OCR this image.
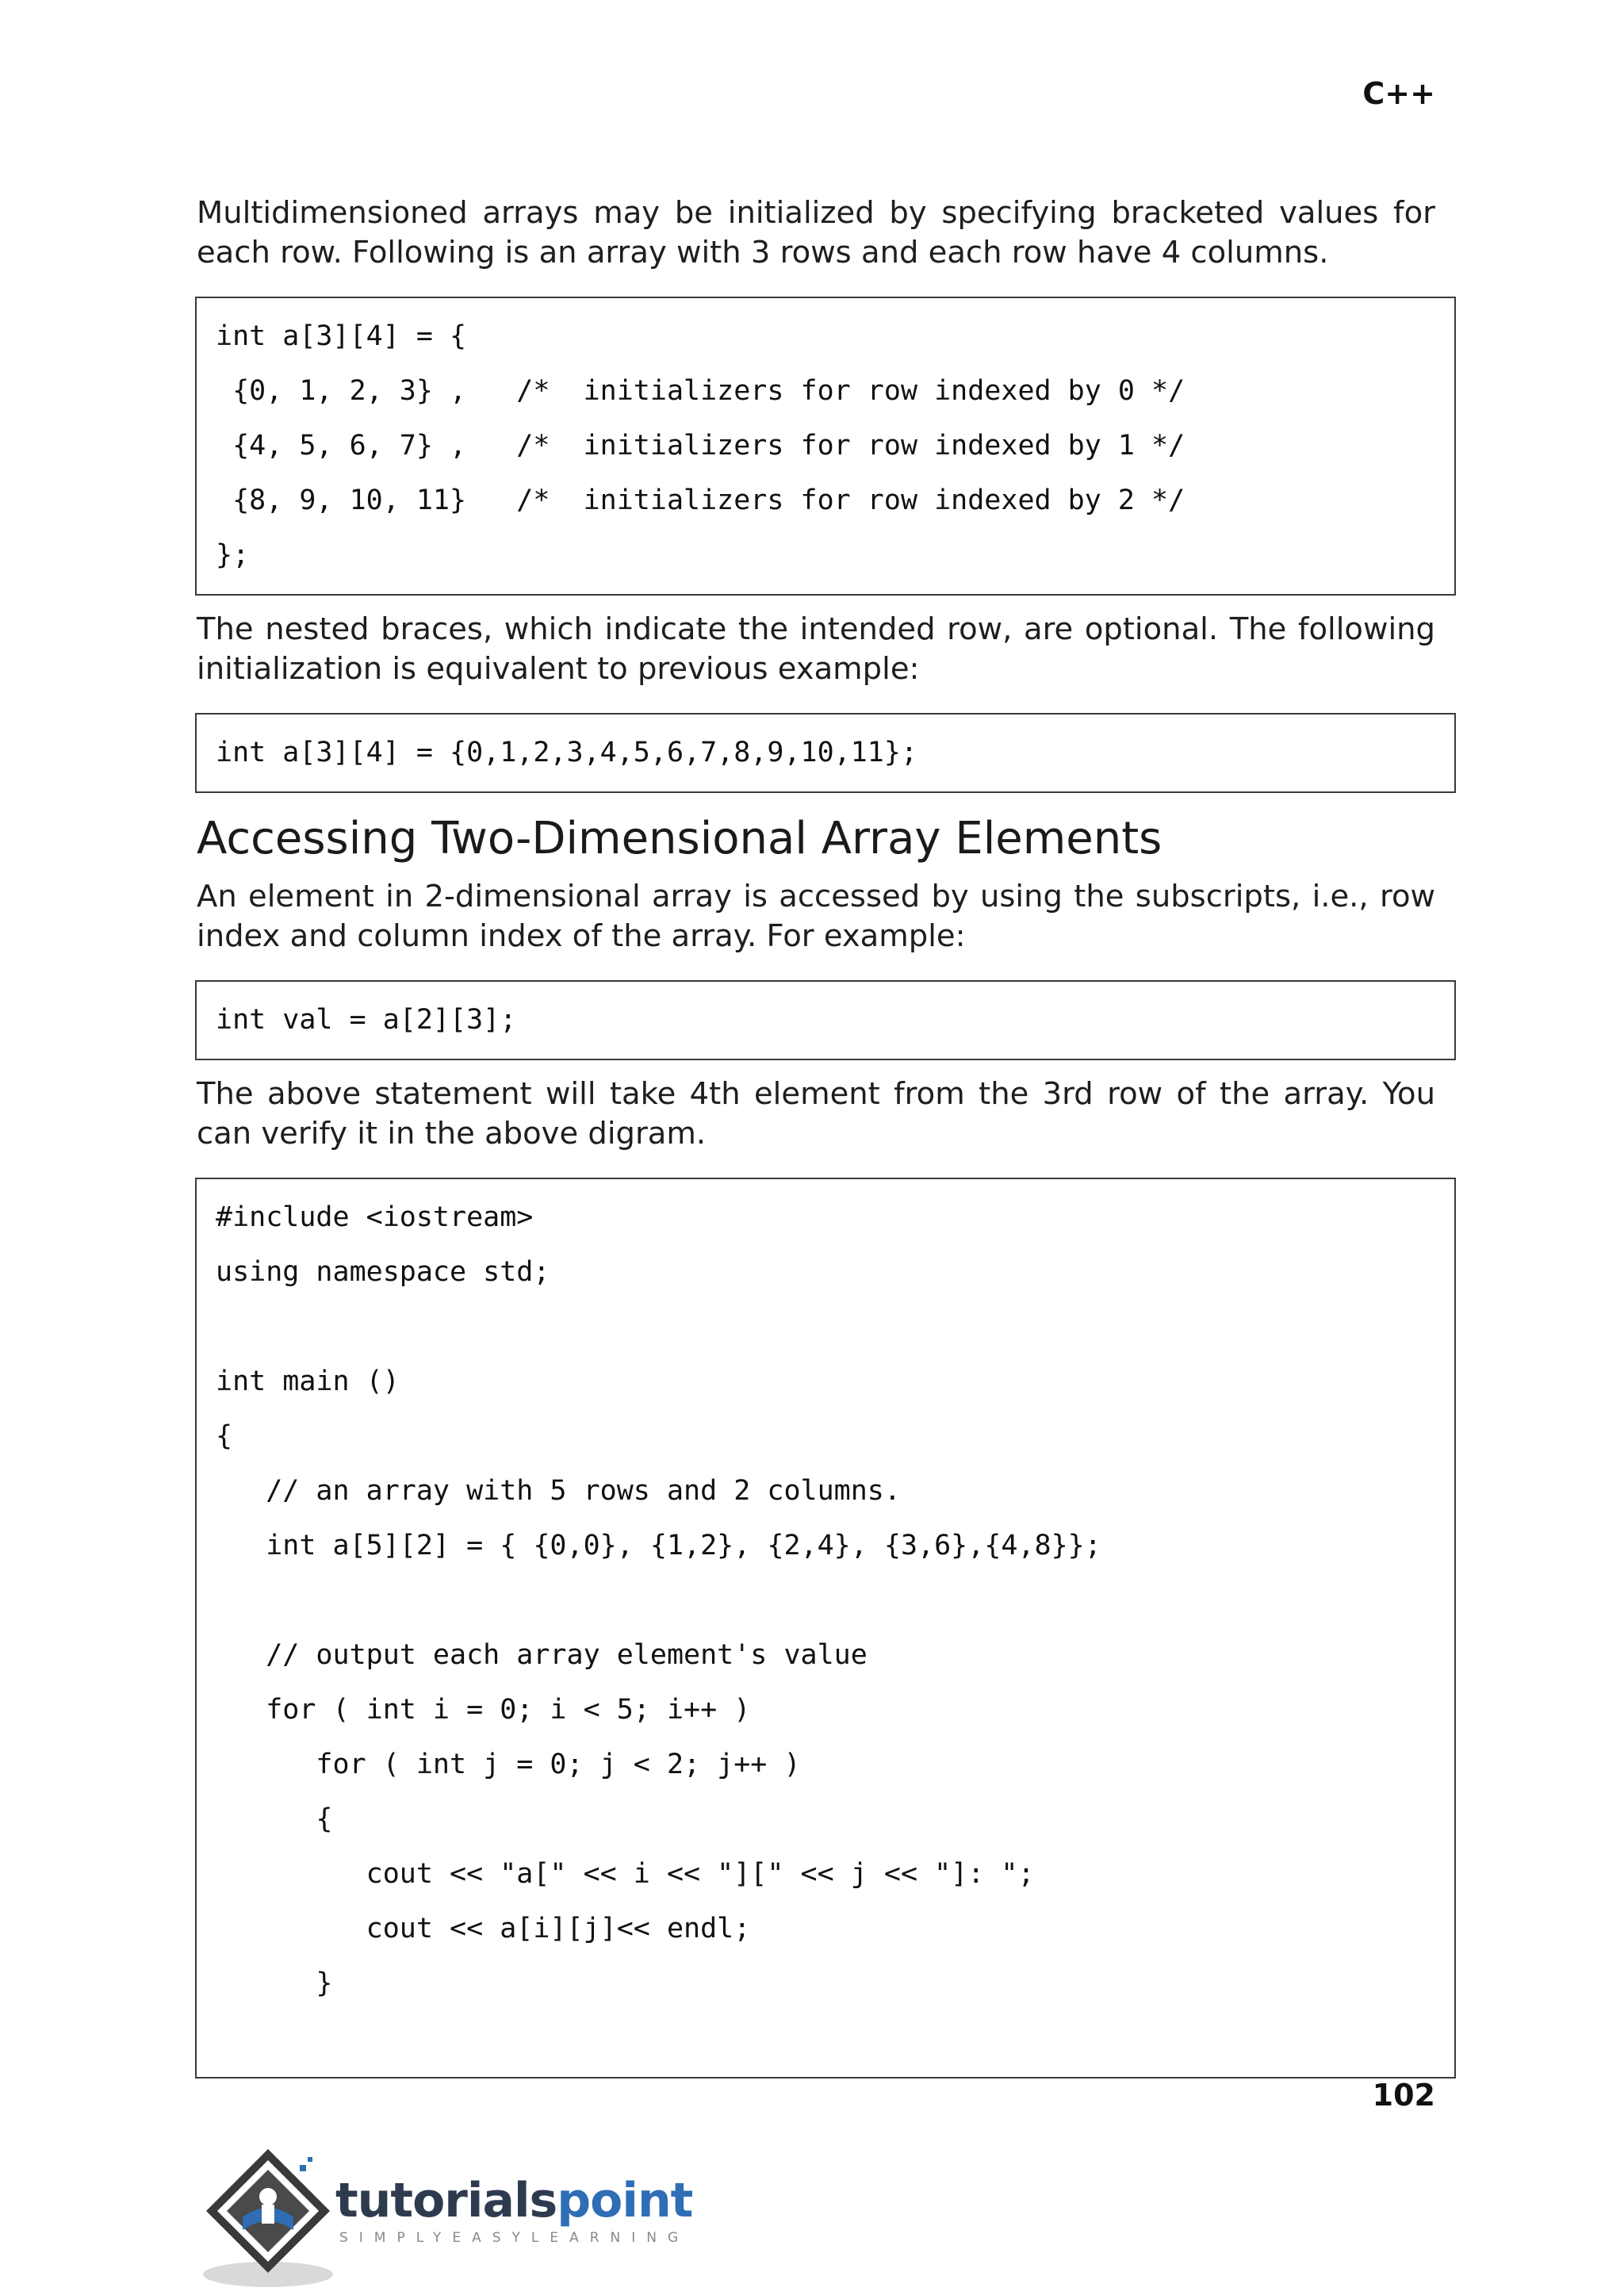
C++

Multidimensioned arrays may be initialized by specifying bracketed values for each row. Following is an array with 3 rows and each row have 4 columns.

int a[3][4] = {
{0, 1, 2, 3} ,   /*  initializers for row indexed by 0 */
{4, 5, 6, 7} ,   /*  initializers for row indexed by 1 */
{8, 9, 10, 11}   /*  initializers for row indexed by 2 */
};

The nested braces, which indicate the intended row, are optional. The following initialization is equivalent to previous example:

int a[3][4] = {0,1,2,3,4,5,6,7,8,9,10,11};
Accessing Two-Dimensional Array Elements

An element in 2-dimensional array is accessed by using the subscripts, i.e., row index and column index of the array. For example:

int val = a[2][3];

The above statement will take 4th element from the 3rd row of the array. You can verify it in the above digram.

#include <iostream>
using namespace std;
int main ()
{
// an array with 5 rows and 2 columns.
int a[5][2] = { {0,0}, {1,2}, {2,4}, {3,6},{4,8}};
// output each array element's value
for ( int i = 0; i < 5; i++ )
for ( int j = 0; j < 2; j++ )
{
cout << "a[" << i << "][" << j << "]: ";
cout << a[i][j]<< endl;
}
102
tutorialspoint
SIMPLYEASYLEARNING
